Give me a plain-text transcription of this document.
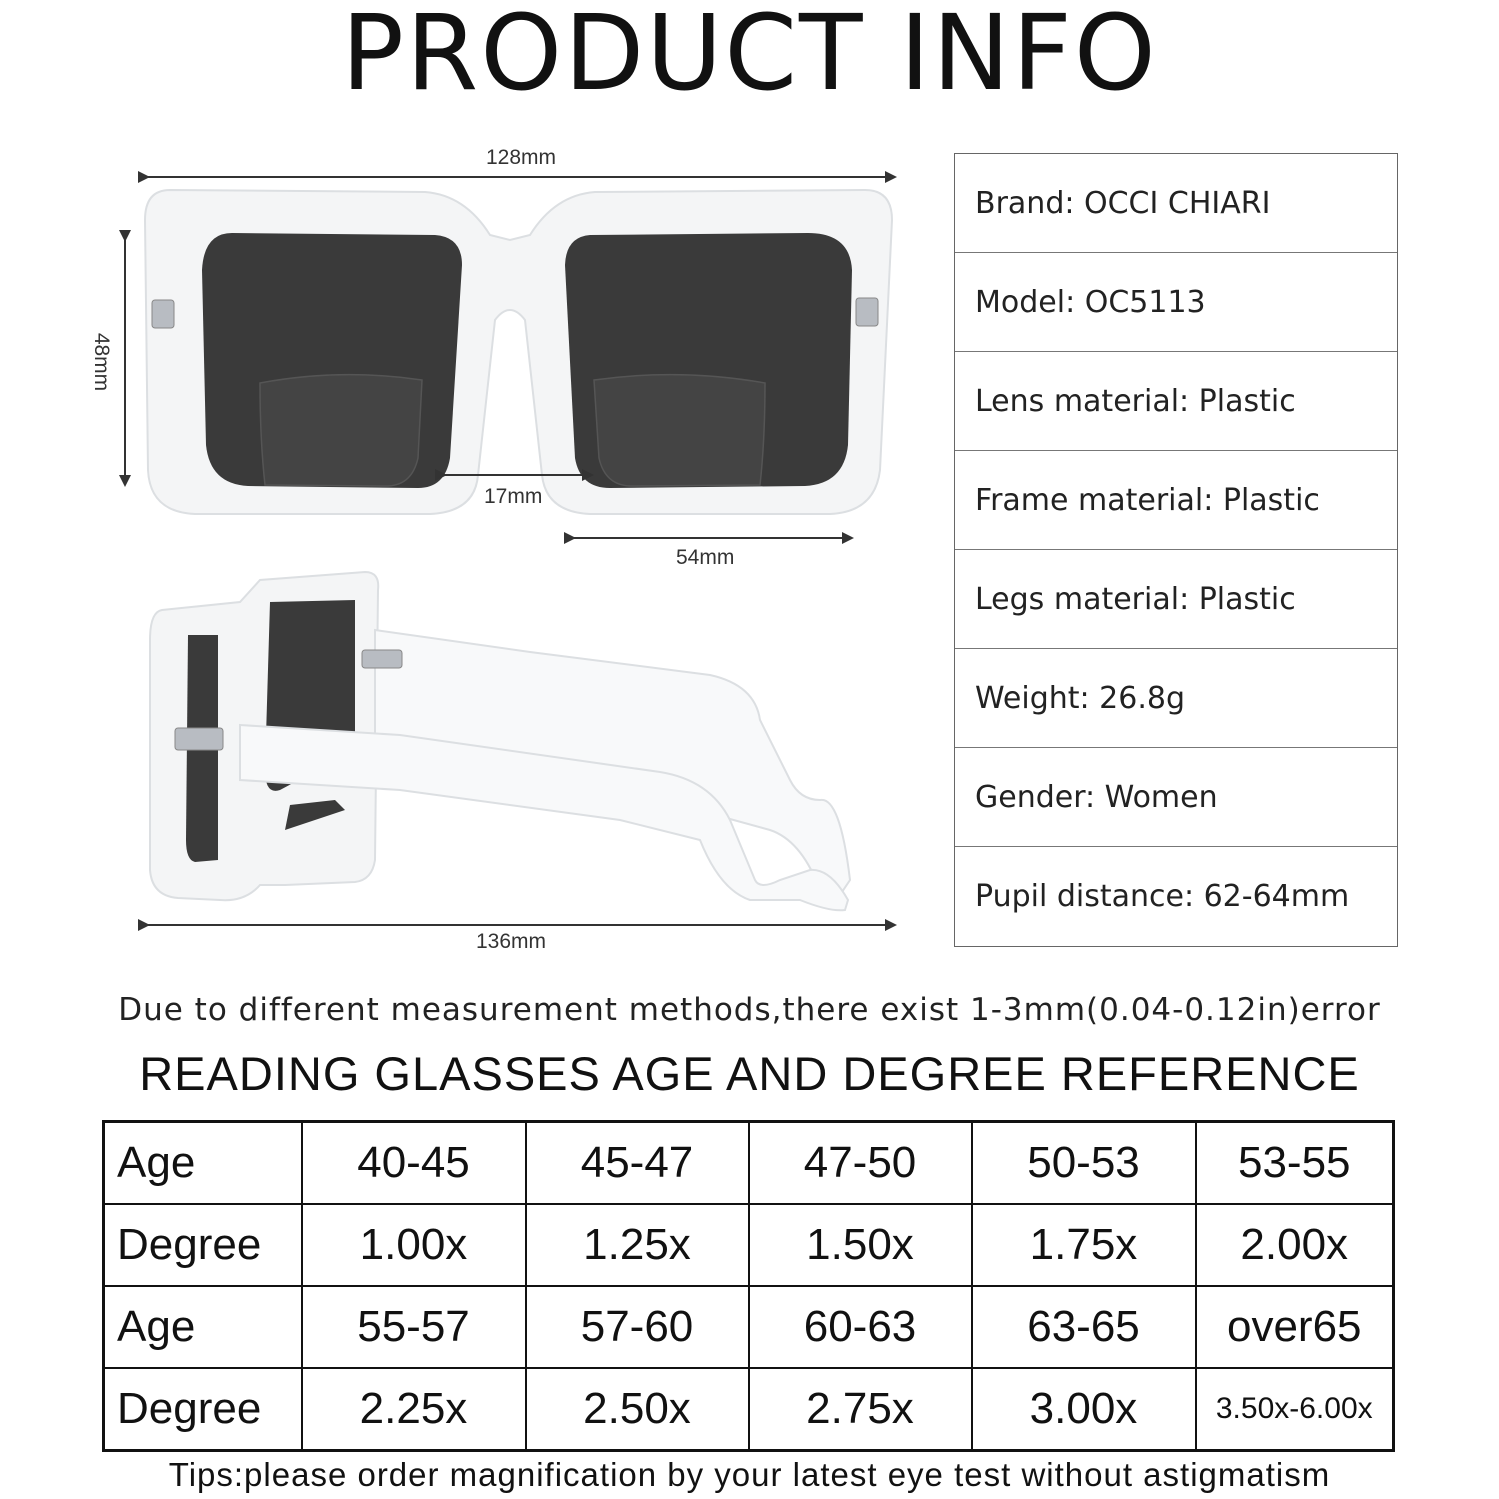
PRODUCT INFO
128mm
48mm
17mm
54mm
136mm
Brand: OCCI CHIARI
Model: OC5113
Lens material: Plastic
Frame material: Plastic
Legs material: Plastic
Weight: 26.8g
Gender: Women
Pupil distance: 62-64mm
Due to different measurement methods,there exist 1-3mm(0.04-0.12in)error
READING GLASSES AGE AND DEGREE REFERENCE
Age	40-45	45-47	47-50	50-53	53-55
Degree	1.00x	1.25x	1.50x	1.75x	2.00x
Age	55-57	57-60	60-63	63-65	over65
Degree	2.25x	2.50x	2.75x	3.00x	3.50x-6.00x
Tips:please order magnification by your latest eye test without astigmatism
